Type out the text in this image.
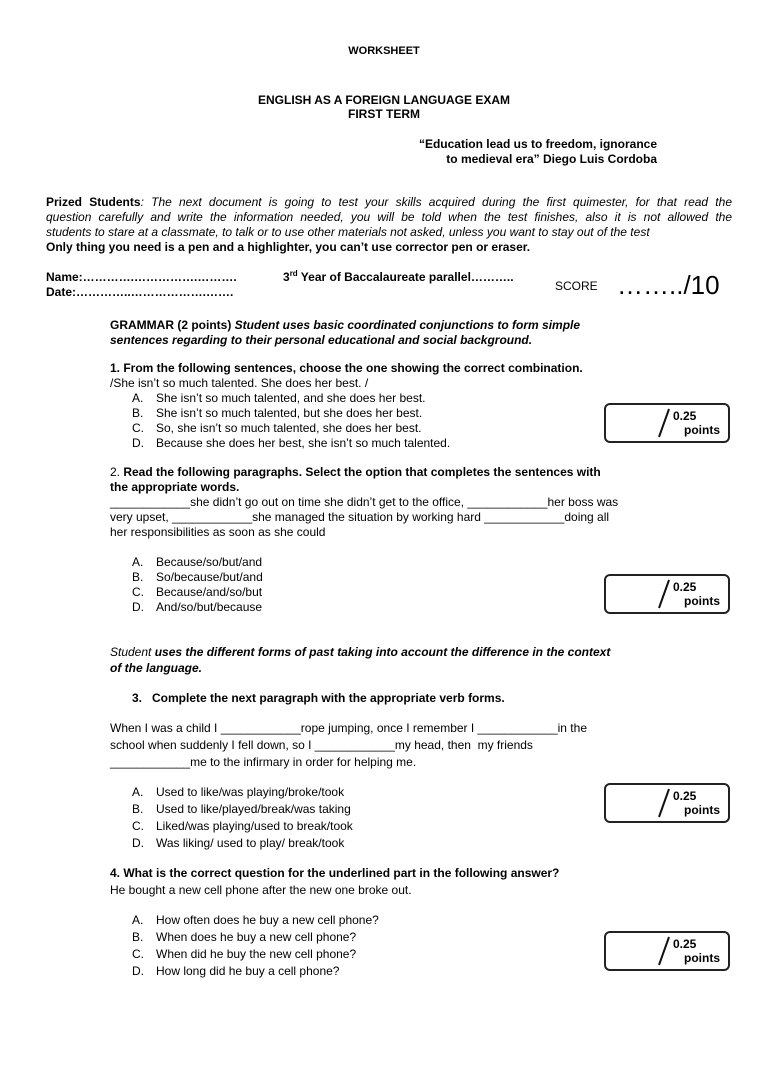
WORKSHEET
ENGLISH AS A FOREIGN LANGUAGE EXAM
FIRST TERM
“Education lead us to freedom, ignorance
to medieval era” Diego Luis Cordoba
Prized Students: The next document is going to test your skills acquired during the first quimester, for that read the
question carefully and write the information needed, you will be told when the test finishes, also it is not allowed the
students to stare at a classmate, to talk or to use other materials not asked, unless you want to stay out of the test
Only thing you need is a pen and a highlighter, you can’t use corrector pen or eraser.
Name:………….…………….……….	3rd Year of Baccalaureate parallel………..
Date:…………..……………….…….	SCORE ……../10
GRAMMAR (2 points) Student uses basic coordinated conjunctions to form simple
sentences regarding to their personal educational and social background.
1. From the following sentences, choose the one showing the correct combination.
/She isn’t so much talented. She does her best. /
A. She isn’t so much talented, and she does her best.
B. She isn’t so much talented, but she does her best.
C. So, she isn’t so much talented, she does her best.
D. Because she does her best, she isn’t so much talented.
0.25
points
2. Read the following paragraphs. Select the option that completes the sentences with
the appropriate words.
____________she didn’t go out on time she didn’t get to the office, ____________her boss was
very upset, ____________she managed the situation by working hard ____________doing all
her responsibilities as soon as she could
A. Because/so/but/and
B. So/because/but/and
C. Because/and/so/but
D. And/so/but/because
0.25
points
Student uses the different forms of past taking into account the difference in the context
of the language.
3.   Complete the next paragraph with the appropriate verb forms.
When I was a child I ____________rope jumping, once I remember I ____________in the
school when suddenly I fell down, so I ____________my head, then  my friends
____________me to the infirmary in order for helping me.
A. Used to like/was playing/broke/took
B. Used to like/played/break/was taking
C. Liked/was playing/used to break/took
D. Was liking/ used to play/ break/took
0.25
points
4. What is the correct question for the underlined part in the following answer?
He bought a new cell phone after the new one broke out.
A. How often does he buy a new cell phone?
B. When does he buy a new cell phone?
C. When did he buy the new cell phone?
D. How long did he buy a cell phone?
0.25
points
